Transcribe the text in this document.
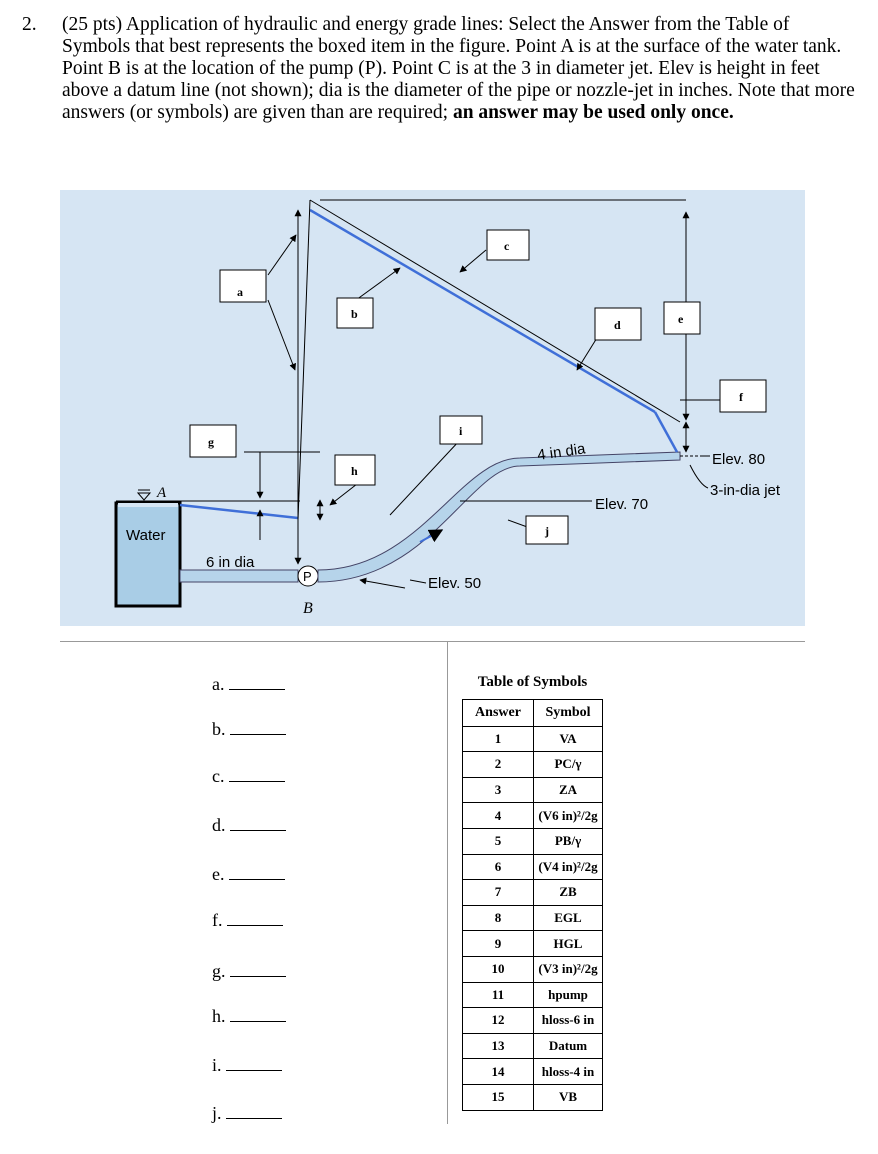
2. (25 pts) Application of hydraulic and energy grade lines: Select the Answer from the Table of Symbols that best represents the boxed item in the figure. Point A is at the surface of the water tank. Point B is at the location of the pump (P). Point C is at the 3 in diameter jet. Elev is height in feet above a datum line (not shown); dia is the diameter of the pipe or nozzle-jet in inches. Note that more answers (or symbols) are given than are required; an answer may be used only once.
Water
A
6 in dia
P
B
4 in dia
Elev. 50
Elev. 70
Elev. 80
3-in-dia jet
a
b
c
d	e
f
g
h
i
j
a.
b.
c.
d.
e.
f.
g.
h.
i.
j.
Table of Symbols	
Answer	Symbol
1	VA
2	PC/γ
3	ZA
4	(V6 in)²/2g
5	PB/γ
6	(V4 in)²/2g
7	ZB
8	EGL
9	HGL
10	(V3 in)²/2g
11	hpump
12	hloss-6 in
13	Datum
14	hloss-4 in
15	VB
